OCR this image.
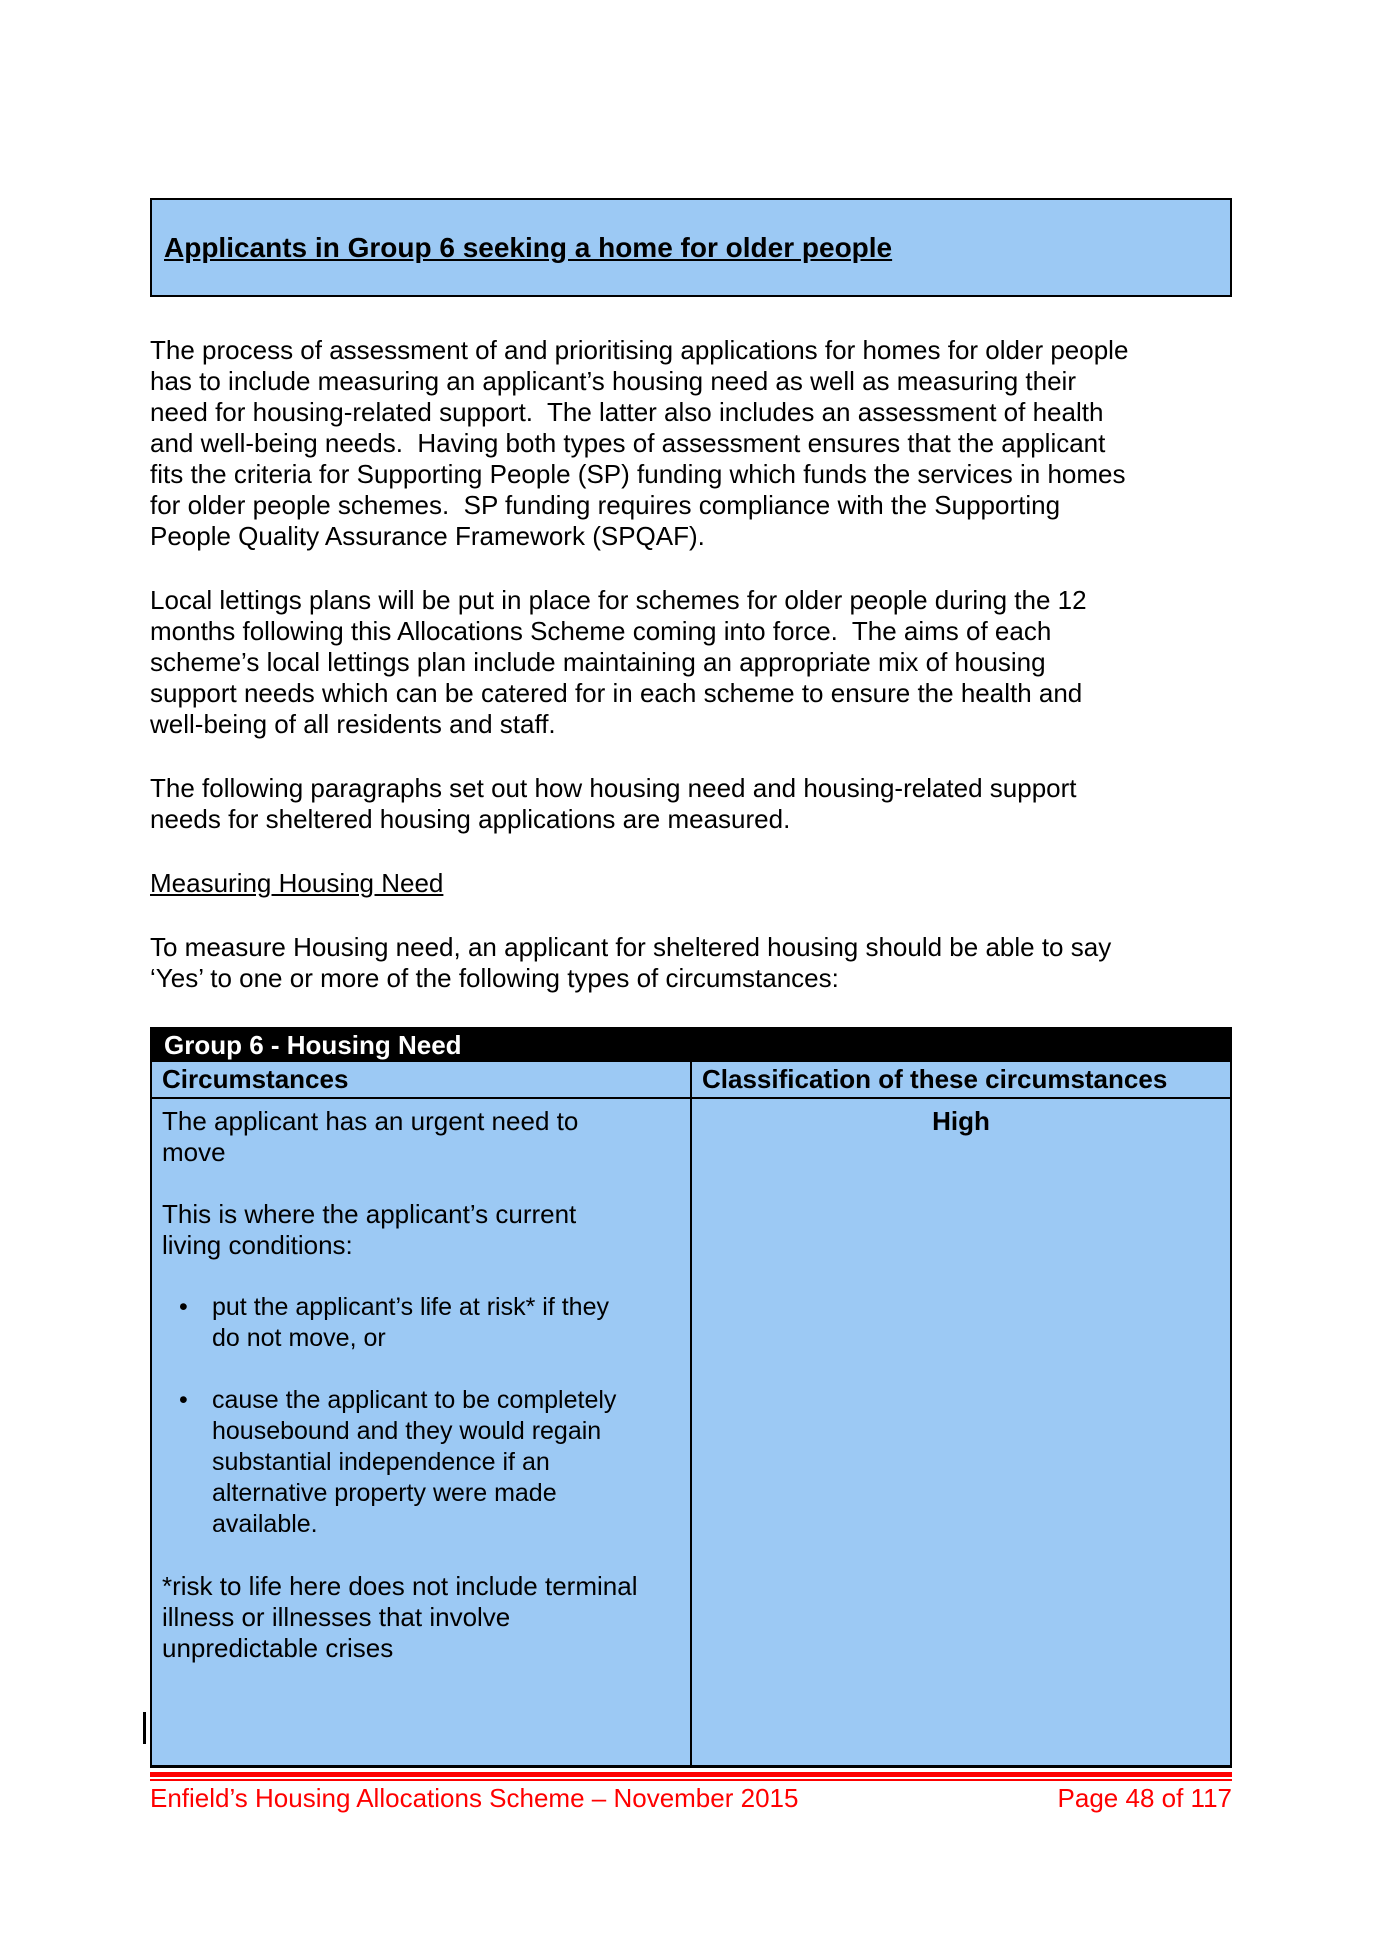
Applicants in Group 6 seeking a home for older people
The process of assessment of and prioritising applications for homes for older people
has to include measuring an applicant’s housing need as well as measuring their
need for housing-related support.  The latter also includes an assessment of health
and well-being needs.  Having both types of assessment ensures that the applicant
fits the criteria for Supporting People (SP) funding which funds the services in homes
for older people schemes.  SP funding requires compliance with the Supporting
People Quality Assurance Framework (SPQAF).
Local lettings plans will be put in place for schemes for older people during the 12
months following this Allocations Scheme coming into force.  The aims of each
scheme’s local lettings plan include maintaining an appropriate mix of housing
support needs which can be catered for in each scheme to ensure the health and
well-being of all residents and staff.
The following paragraphs set out how housing need and housing-related support
needs for sheltered housing applications are measured.
Measuring Housing Need
To measure Housing need, an applicant for sheltered housing should be able to say
‘Yes’ to one or more of the following types of circumstances:
Group 6 - Housing Need
Circumstances	Classification of these circumstances
The applicant has an urgent need to
move
This is where the applicant’s current
living conditions:
• put the applicant’s life at risk* if they
do not move, or
• cause the applicant to be completely
housebound and they would regain
substantial independence if an
alternative property were made
available.
*risk to life here does not include terminal
illness or illnesses that involve
unpredictable crises
High
Enfield’s Housing Allocations Scheme – November 2015	Page 48 of 117
